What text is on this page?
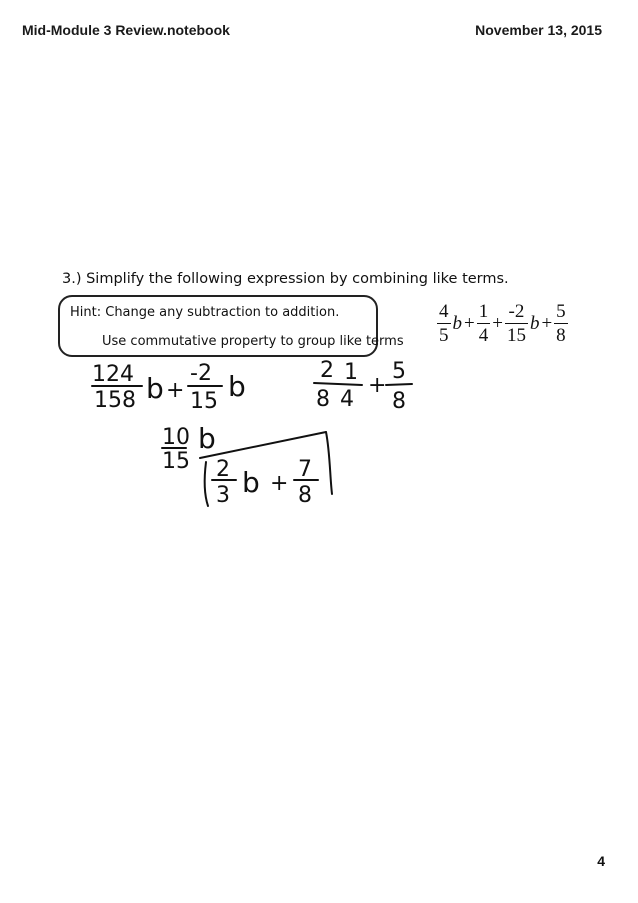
Mid-Module 3 Review.notebook	November 13, 2015
3.) Simplify the following expression by combining like terms.
Hint: Change any subtraction to addition.
Use commutative property to group like terms $\frac{4}{5}$ $b + \frac{1}{4} + \frac{-2}{15}$ $b + \frac{5}{8}$
12 4
15 8 b +
-2
15 b	2 1
8 4
+
5
8
10
15
b
2
3 b +
7
8
4
